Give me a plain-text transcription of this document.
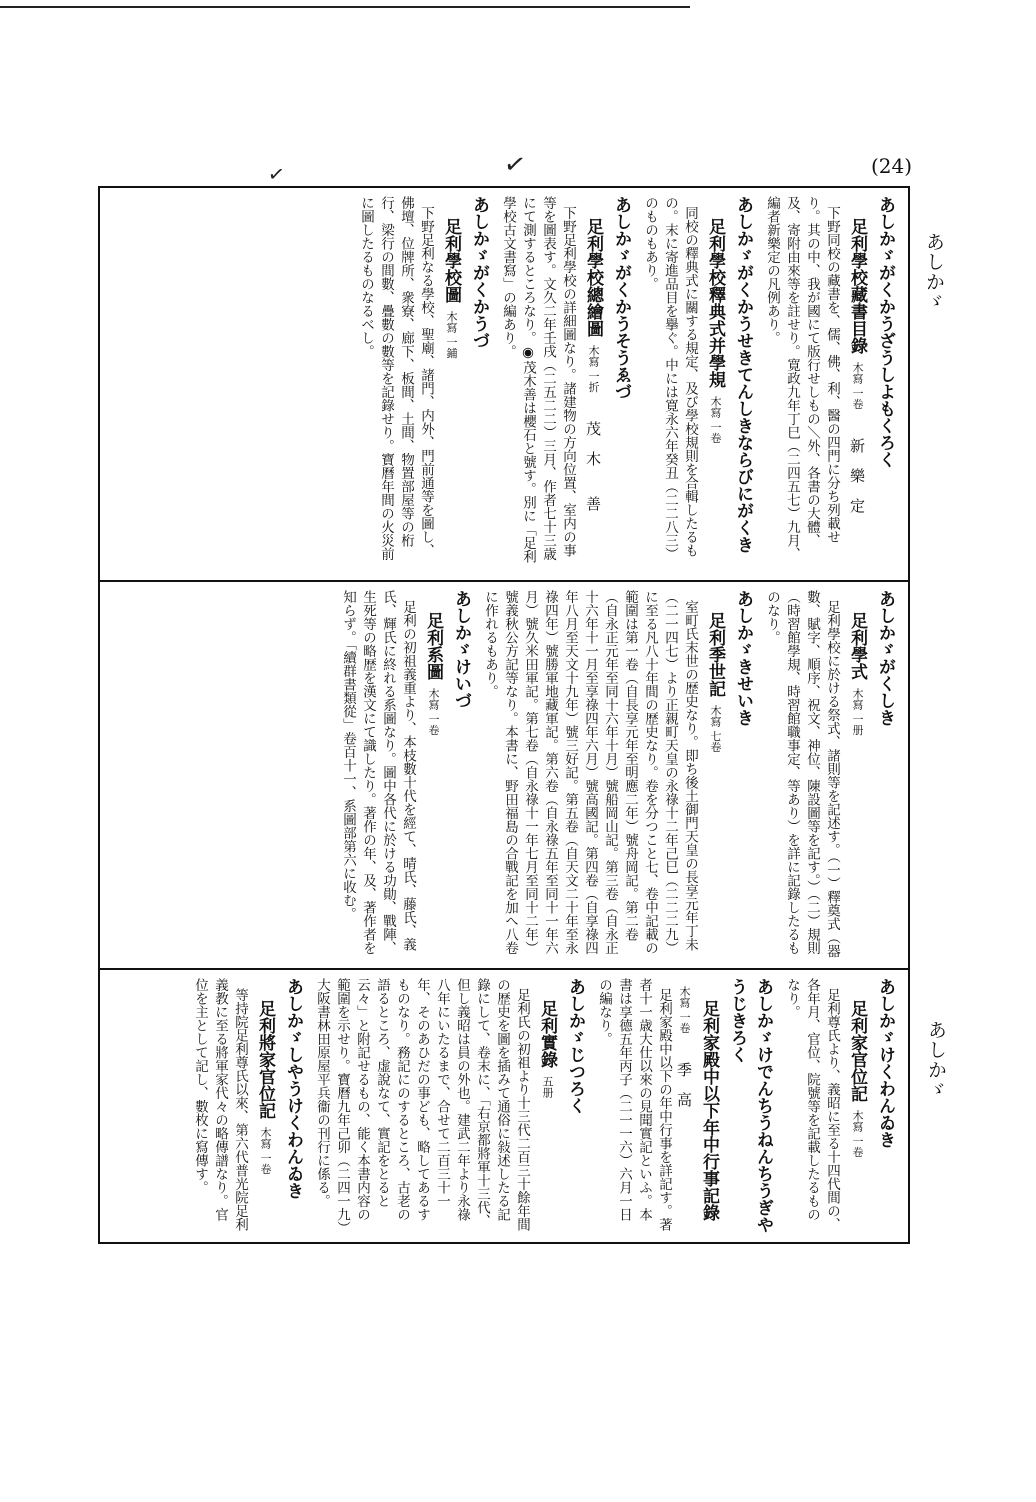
✓
✓	(24)
あしかゞ
あしかゞ
あしかゞがくかうざうしよもくろく
足利學校藏書目錄木寫 一卷新　樂　定
下野同校の藏書を、儒、佛、利、醫の四門に分ち列載せり。其の中、我が國にて版行せしもの＼外、各書の大體、及、寄附由來等を註せり。寛政九年丁巳（二四五七）九月、編者新樂定の凡例あり。
あしかゞがくかうせきてんしきならびにがくき
足利學校釋典式并學規木寫 一卷
同校の釋典式に關する規定、及び學校規則を合輯したるもの。末に寄進品目を擧ぐ。中には寛永六年癸丑（二二八三）のものもあり。
あしかゞがくかうそうゑづ
足利學校總繪圖木寫 一折茂　木　　善
下野足利學校の詳細圖なり。諸建物の方向位置、室内の事等を圖表す。文久二年壬戌（二五二二）三月、作者七十三歳にて測するところなり。◉茂木善は櫻石と號す。別に「足利學校古文書寫」の編あり。
あしかゞがくかうづ
足利學校圖木寫 一鋪
下野足利なる學校、聖廟、諸門、内外、門前通等を圖し、佛壇、位牌所、衆寮、廊下、板間、土間、物置部屋等の桁行、梁行の間數、疊數の數等を記錄せり。寶曆年間の火災前に圖したるものなるべし。
あしかゞがくしき
足利學式木寫 一册
足利學校に於ける祭式、諸則等を記述す。（一）釋奠式（器數、賦字、順序、祝文、神位、陳設圖等を記す。）（二）規則（時習館學規、時習館職事定、等あり）を詳に記錄したるものなり。
あしかゞきせいき
足利季世記木寫 七卷
室町氏末世の歴史なり。即ち後土御門天皇の長享元年丁未（二一四七）より正親町天皇の永祿十二年己巳（二二二九）に至る凡八十年間の歴史なり。卷を分つこと七、卷中記載の範圍は第一卷（自長享元年至明應二年）號舟岡記。第二卷（自永正元年至同十六年十月）號船岡山記。第三卷（自永正十六年十一月至享祿四年六月）號高國記。第四卷（自享祿四年八月至天文十九年）號三好記。第五卷（自天文二十年至永祿四年）號勝軍地藏軍記。第六卷（自永祿五年至同十一年六月）號久米田軍記。第七卷（自永祿十一年七月至同十二年）號義秋公方記等なり。本書に、野田福島の合戰記を加へ八卷に作れるもあり。
あしかゞけいづ
足利系圖木寫 一卷
足利の初祖義重より、本枝數十代を經て、晴氏、藤氏、義氏、輝氏に終れる系圖なり。圖中各代に於ける功勛、戰陣、生死等の略歴を漢文にて識したり。著作の年、及、著作者を知らず。「續群書類從」卷百十一、系圖部第六に收む。
あしかゞけくわんゐき
足利家官位記木寫 一卷
足利尊氏より、義昭に至る十四代間の、各年月、官位、院號等を記載したるものなり。
あしかゞけでんちうねんちうぎやうじきろく
足利家殿中以下年中行事記錄木寫 一卷季　高
足利家殿中以下の年中行事を詳記す。著者十一歳大仕以來の見聞實記といふ。本書は享德五年丙子（二一一六）六月一日の編なり。
あしかゞじつろく
足利實錄五册
足利氏の初祖より十三代二百三十餘年間の歴史を圖を插みて通俗に敍述したる記錄にして、卷末に、「右京都將軍十三代、但し義昭は員の外也。建武二年より永祿八年にいたるまで、合せて二百三十一年、そのあひだの事ども、略してあるすものなり。務記にのするところ、古老の語るところ、虚說なて、實記をとると云々」と附記せるもの、能く本書内容の範圍を示せり。寶曆九年己卯（二四一九）大阪書林田原屋平兵衞の刊行に係る。
あしかゞしやうけくわんゐき
足利將家官位記木寫 一卷
等持院足利尊氏以來、第六代普光院足利義教に至る將軍家代々の略傳譜なり。官位を主として記し、數枚に寫傳す。
